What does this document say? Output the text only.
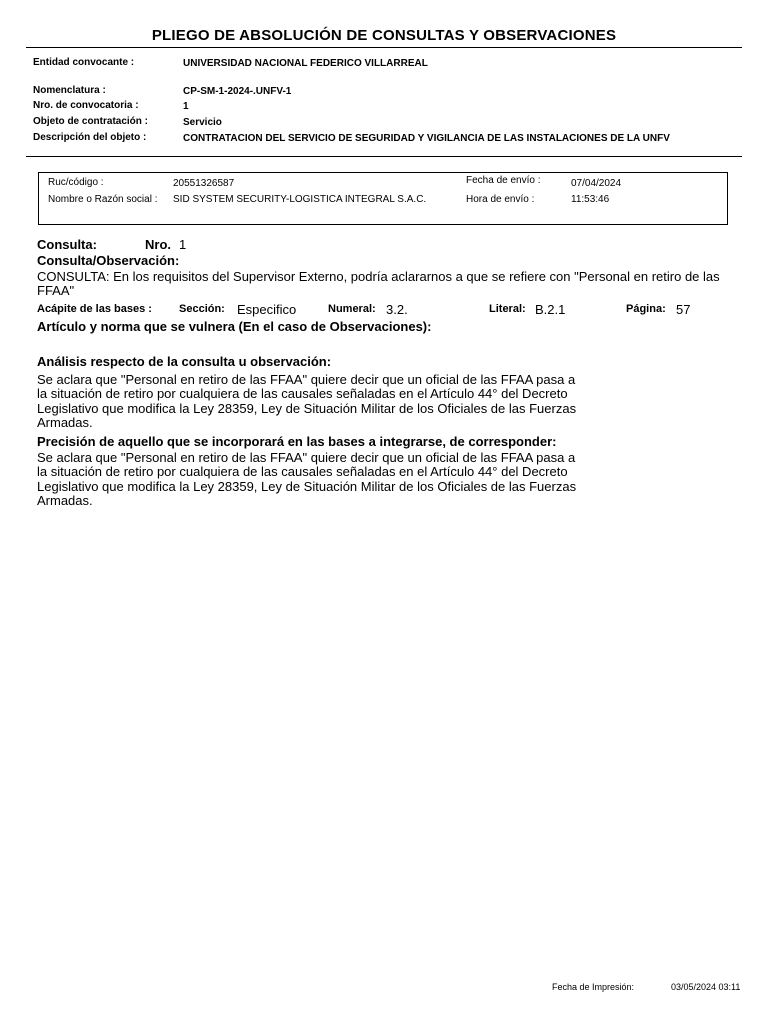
PLIEGO DE ABSOLUCIÓN DE CONSULTAS Y OBSERVACIONES
Entidad convocante :	UNIVERSIDAD NACIONAL FEDERICO VILLARREAL
Nomenclatura :	CP-SM-1-2024-.UNFV-1
Nro. de convocatoria :	1
Objeto de contratación :	Servicio
Descripción del objeto :	CONTRATACION DEL SERVICIO DE SEGURIDAD Y VIGILANCIA DE LAS INSTALACIONES DE LA UNFV
Ruc/código :	20551326587
Nombre o Razón social : SID SYSTEM SECURITY-LOGISTICA INTEGRAL S.A.C.
Fecha de envío :	07/04/2024
Hora de envío :	11:53:46
Consulta:	Nro. 1
Consulta/Observación:
CONSULTA: En los requisitos del Supervisor Externo, podría aclararnos a que se refiere con "Personal en retiro de las
FFAA"
Acápite de las bases : Sección: Especifico	Numeral: 3.2.	Literal: B.2.1	Página: 57
Artículo y norma que se vulnera (En el caso de Observaciones):
Análisis respecto de la consulta u observación:
Se aclara que "Personal en retiro de las FFAA" quiere decir que un oficial de las FFAA pasa a
la situación de retiro por cualquiera de las causales señaladas en el Artículo 44° del Decreto
Legislativo que modifica la Ley 28359, Ley de Situación Militar de los Oficiales de las Fuerzas
Armadas.
Precisión de aquello que se incorporará en las bases a integrarse, de corresponder:
Se aclara que "Personal en retiro de las FFAA" quiere decir que un oficial de las FFAA pasa a
la situación de retiro por cualquiera de las causales señaladas en el Artículo 44° del Decreto
Legislativo que modifica la Ley 28359, Ley de Situación Militar de los Oficiales de las Fuerzas
Armadas.
Fecha de Impresión:	03/05/2024 03:11
